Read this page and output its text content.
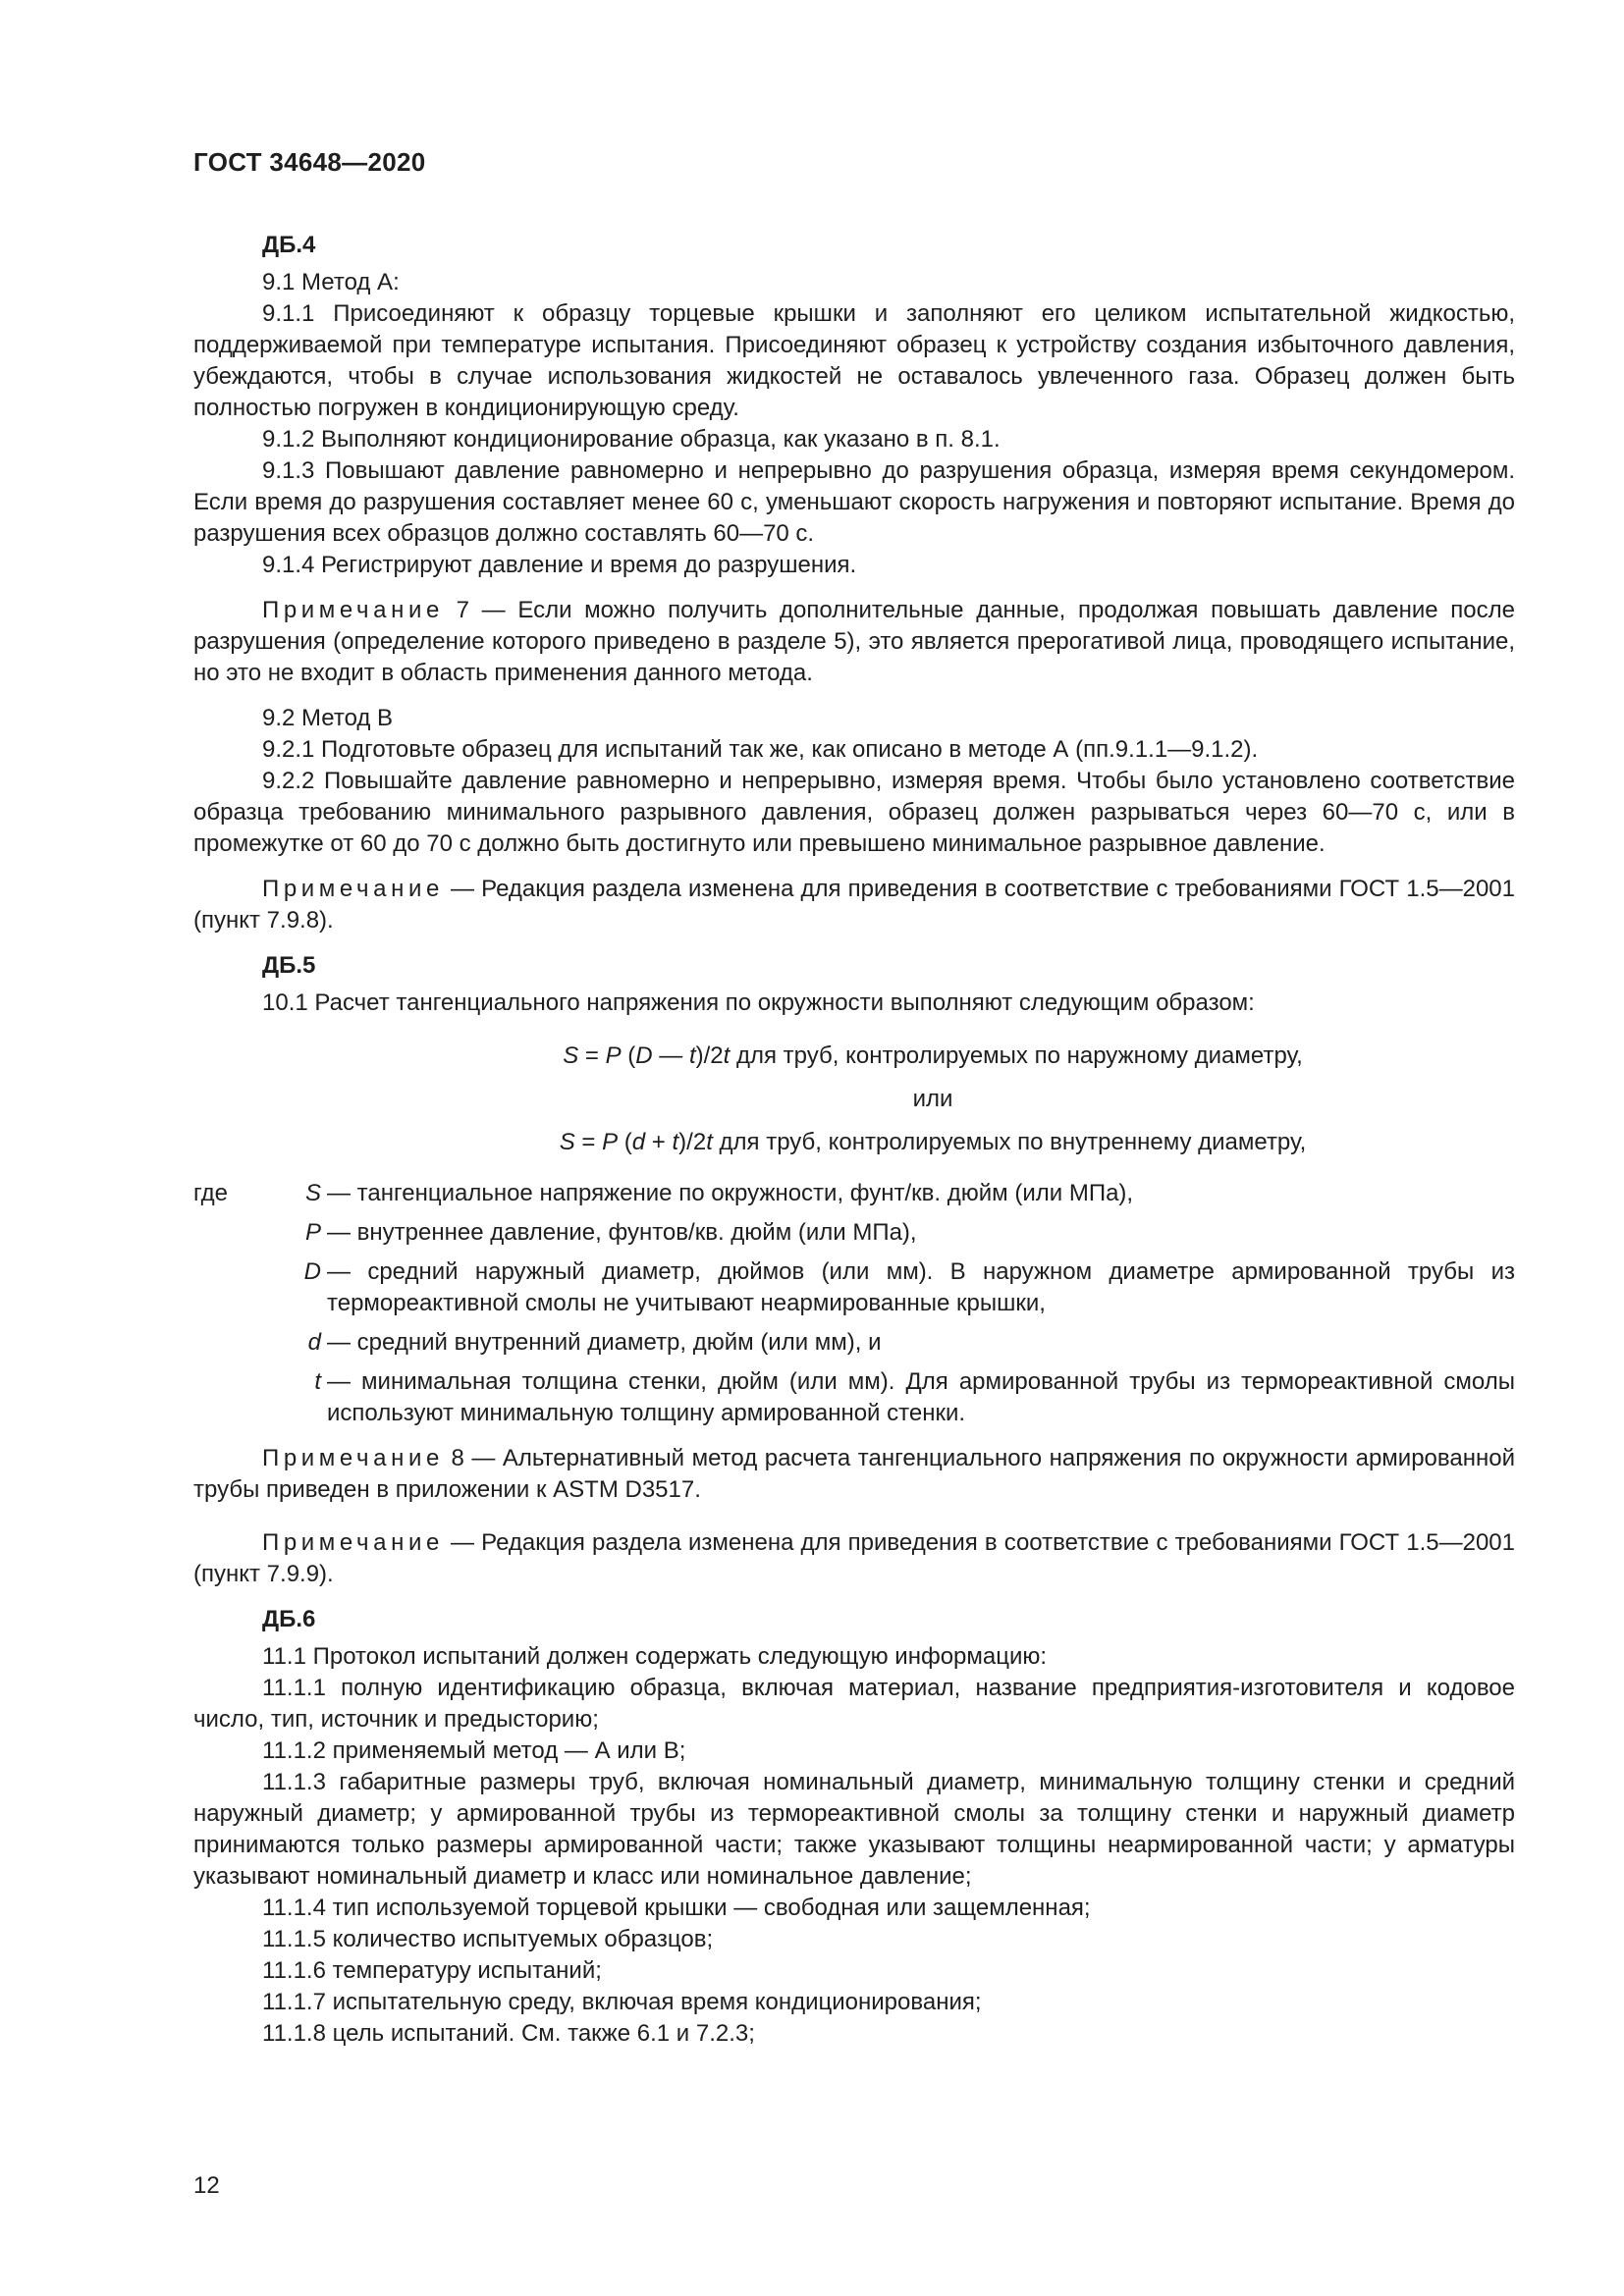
ГОСТ 34648—2020

ДБ.4

9.1 Метод А:

9.1.1 Присоединяют к образцу торцевые крышки и заполняют его целиком испытательной жидкостью, поддерживаемой при температуре испытания. Присоединяют образец к устройству создания избыточного давления, убеждаются, чтобы в случае использования жидкостей не оставалось увлеченного газа. Образец должен быть полностью погружен в кондиционирующую среду.

9.1.2 Выполняют кондиционирование образца, как указано в п. 8.1.

9.1.3 Повышают давление равномерно и непрерывно до разрушения образца, измеряя время секундомером. Если время до разрушения составляет менее 60 с, уменьшают скорость нагружения и повторяют испытание. Время до разрушения всех образцов должно составлять 60—70 с.

9.1.4 Регистрируют давление и время до разрушения.

Примечание 7 — Если можно получить дополнительные данные, продолжая повышать давление после разрушения (определение которого приведено в разделе 5), это является прерогативой лица, проводящего испытание, но это не входит в область применения данного метода.

9.2 Метод В

9.2.1 Подготовьте образец для испытаний так же, как описано в методе А (пп.9.1.1—9.1.2).

9.2.2 Повышайте давление равномерно и непрерывно, измеряя время. Чтобы было установлено соответствие образца требованию минимального разрывного давления, образец должен разрываться через 60—70 с, или в промежутке от 60 до 70 с должно быть достигнуто или превышено минимальное разрывное давление.

Примечание — Редакция раздела изменена для приведения в соответствие с требованиями ГОСТ 1.5—2001 (пункт 7.9.8).

ДБ.5

10.1 Расчет тангенциального напряжения по окружности выполняют следующим образом:

S = P (D — t)/2t для труб, контролируемых по наружному диаметру,

или

S = P (d + t)/2t для труб, контролируемых по внутреннему диаметру,

где	S — тангенциальное напряжение по окружности, фунт/кв. дюйм (или МПа),
P — внутреннее давление, фунтов/кв. дюйм (или МПа),
D — средний наружный диаметр, дюймов (или мм). В наружном диаметре армированной трубы из термореактивной смолы не учитывают неармированные крышки,
d — средний внутренний диаметр, дюйм (или мм), и
t — минимальная толщина стенки, дюйм (или мм). Для армированной трубы из термореактивной смолы используют минимальную толщину армированной стенки.

Примечание 8 — Альтернативный метод расчета тангенциального напряжения по окружности армированной трубы приведен в приложении к ASTM D3517.

Примечание — Редакция раздела изменена для приведения в соответствие с требованиями ГОСТ 1.5—2001 (пункт 7.9.9).

ДБ.6

11.1 Протокол испытаний должен содержать следующую информацию:

11.1.1 полную идентификацию образца, включая материал, название предприятия-изготовителя и кодовое число, тип, источник и предысторию;

11.1.2 применяемый метод — А или В;

11.1.3 габаритные размеры труб, включая номинальный диаметр, минимальную толщину стенки и средний наружный диаметр; у армированной трубы из термореактивной смолы за толщину стенки и наружный диаметр принимаются только размеры армированной части; также указывают толщины неармированной части; у арматуры указывают номинальный диаметр и класс или номинальное давление;

11.1.4 тип используемой торцевой крышки — свободная или защемленная;

11.1.5 количество испытуемых образцов;

11.1.6 температуру испытаний;

11.1.7 испытательную среду, включая время кондиционирования;

11.1.8 цель испытаний. См. также 6.1 и 7.2.3;

12
